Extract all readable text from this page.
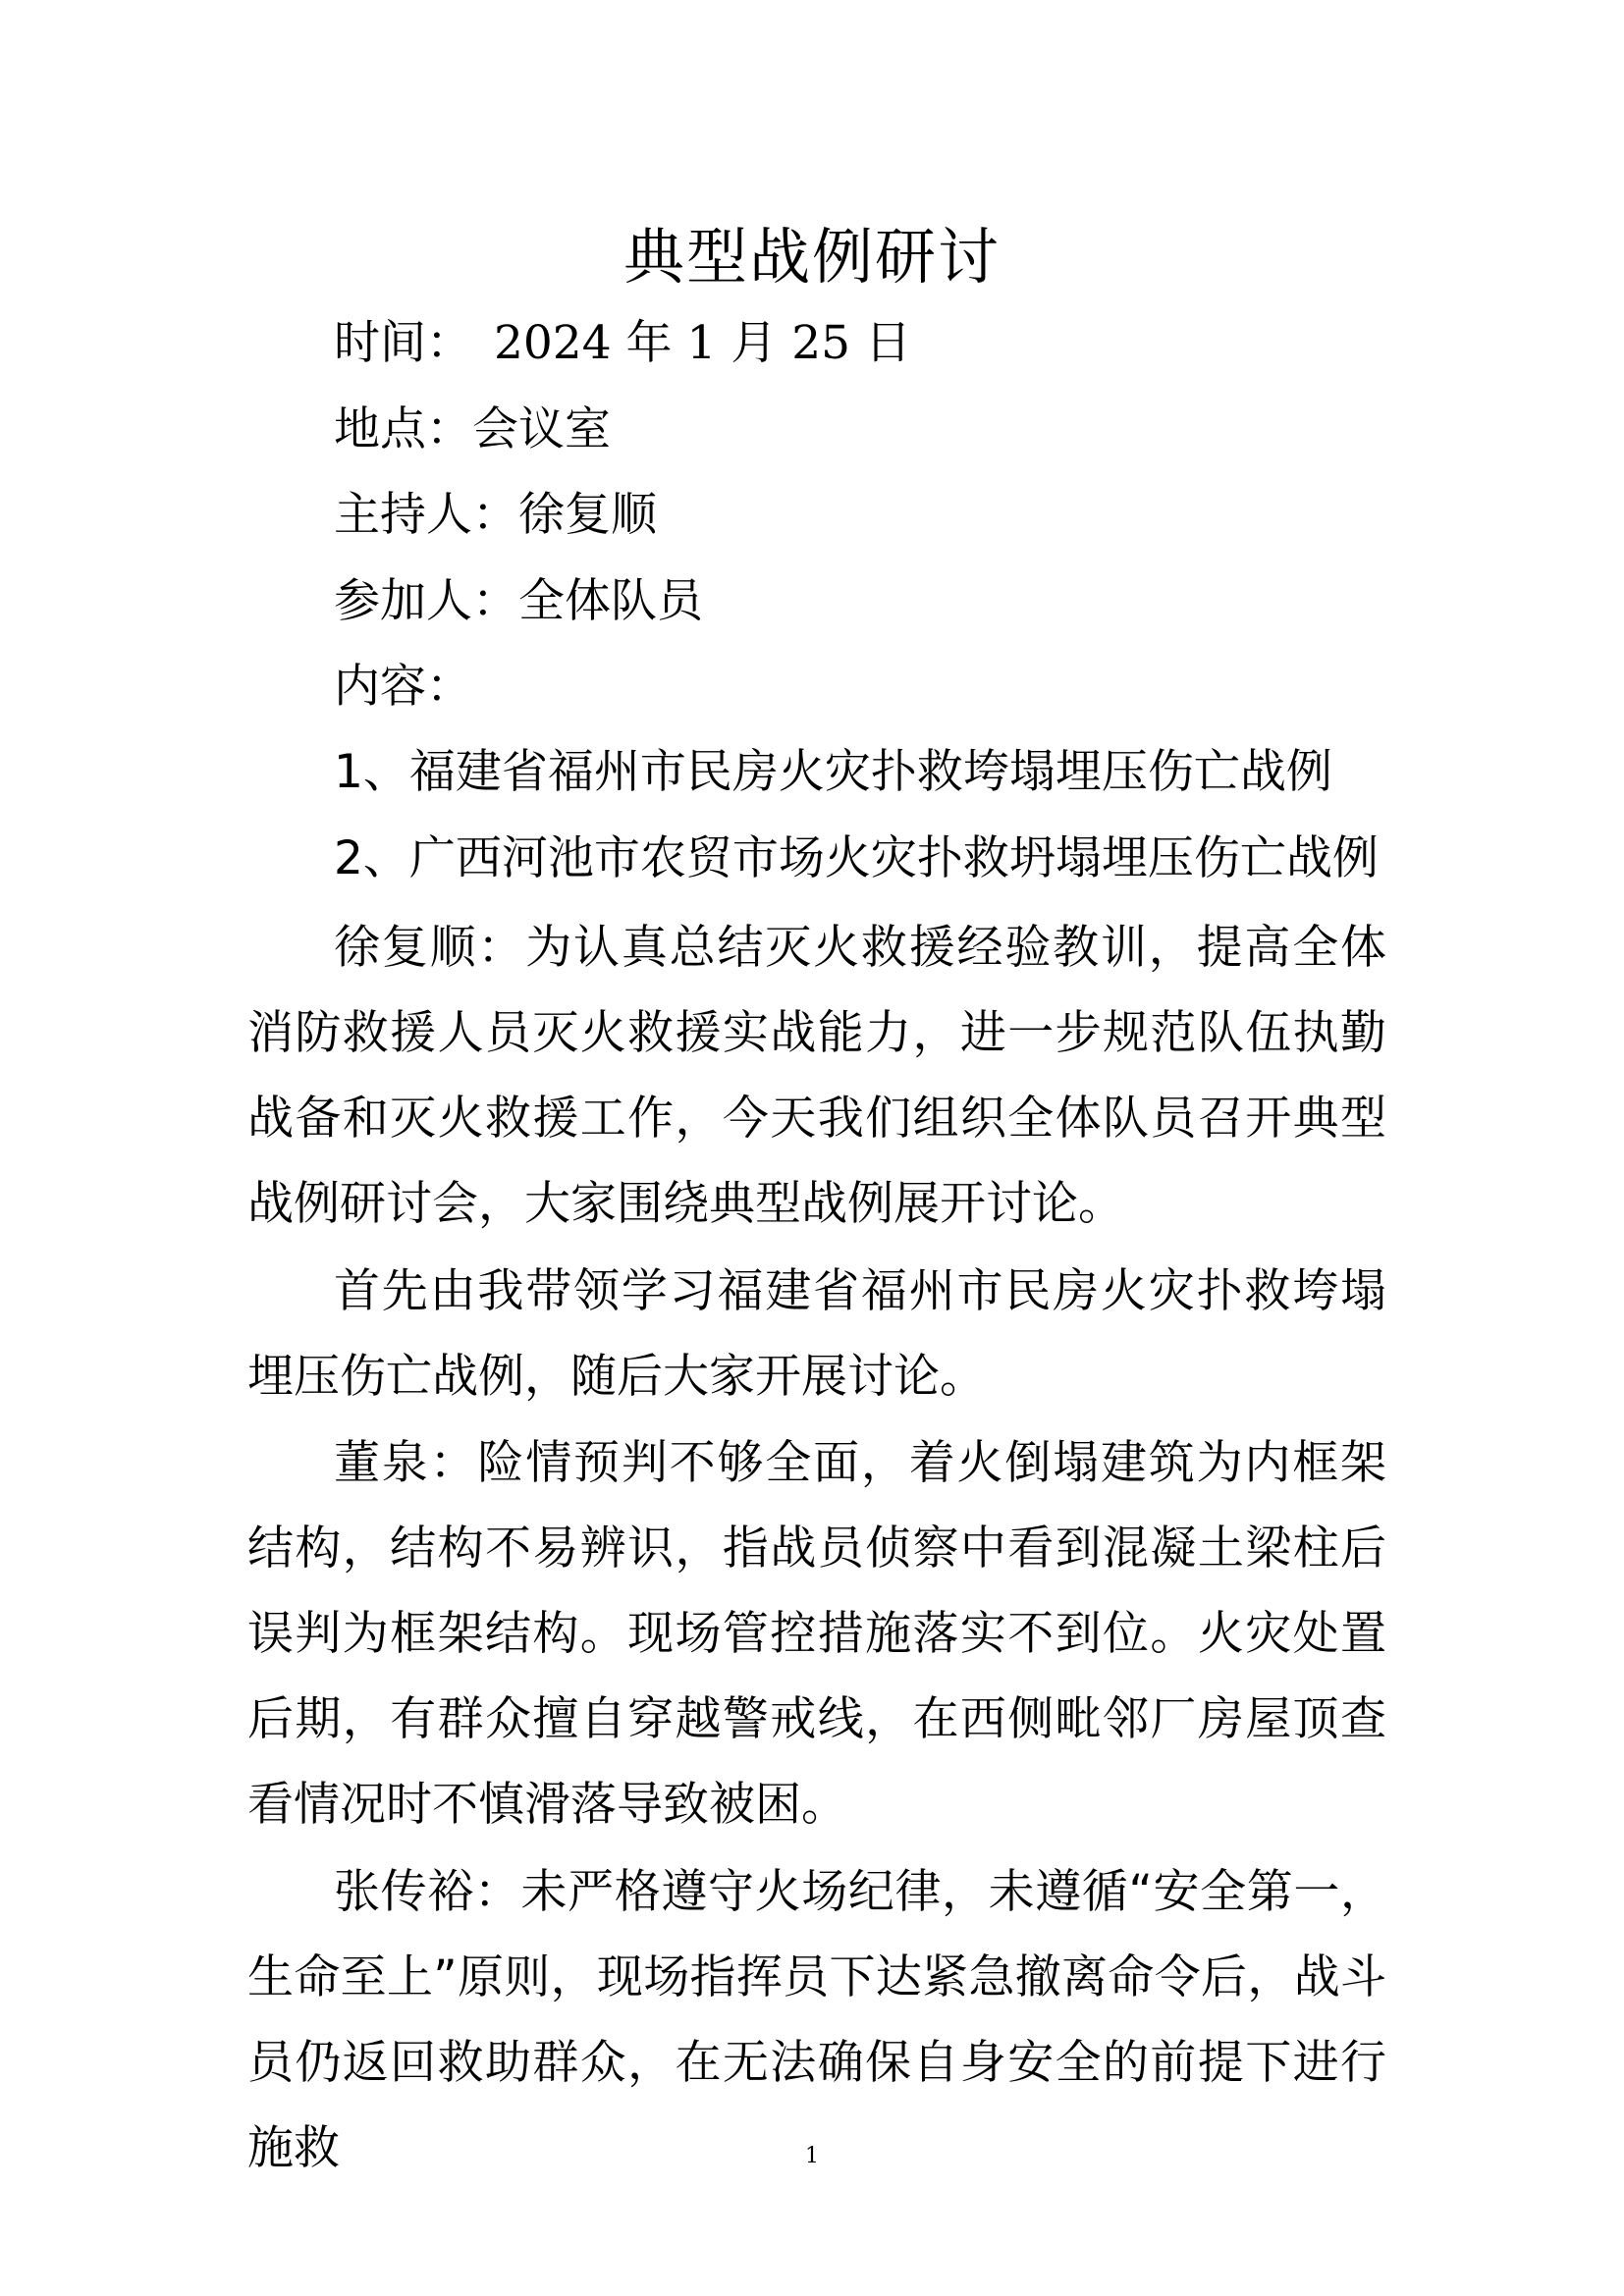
典型战例研讨
时间： 2024 年 1 月 25 日
地点：会议室
主持人：徐复顺
参加人：全体队员
内容：
1、福建省福州市民房火灾扑救垮塌埋压伤亡战例
2、广西河池市农贸市场火灾扑救坍塌埋压伤亡战例

徐复顺：为认真总结灭火救援经验教训，提高全体消防救援人员灭火救援实战能力，进一步规范队伍执勤战备和灭火救援工作，今天我们组织全体队员召开典型战例研讨会，大家围绕典型战例展开讨论。

首先由我带领学习福建省福州市民房火灾扑救垮塌埋压伤亡战例，随后大家开展讨论。

董泉：险情预判不够全面，着火倒塌建筑为内框架结构，结构不易辨识，指战员侦察中看到混凝土梁柱后误判为框架结构。现场管控措施落实不到位。火灾处置后期，有群众擅自穿越警戒线，在西侧毗邻厂房屋顶查看情况时不慎滑落导致被困。

张传裕：未严格遵守火场纪律，未遵循“安全第一，生命至上”原则，现场指挥员下达紧急撤离命令后，战斗员仍返回救助群众，在无法确保自身安全的前提下进行施救	1
